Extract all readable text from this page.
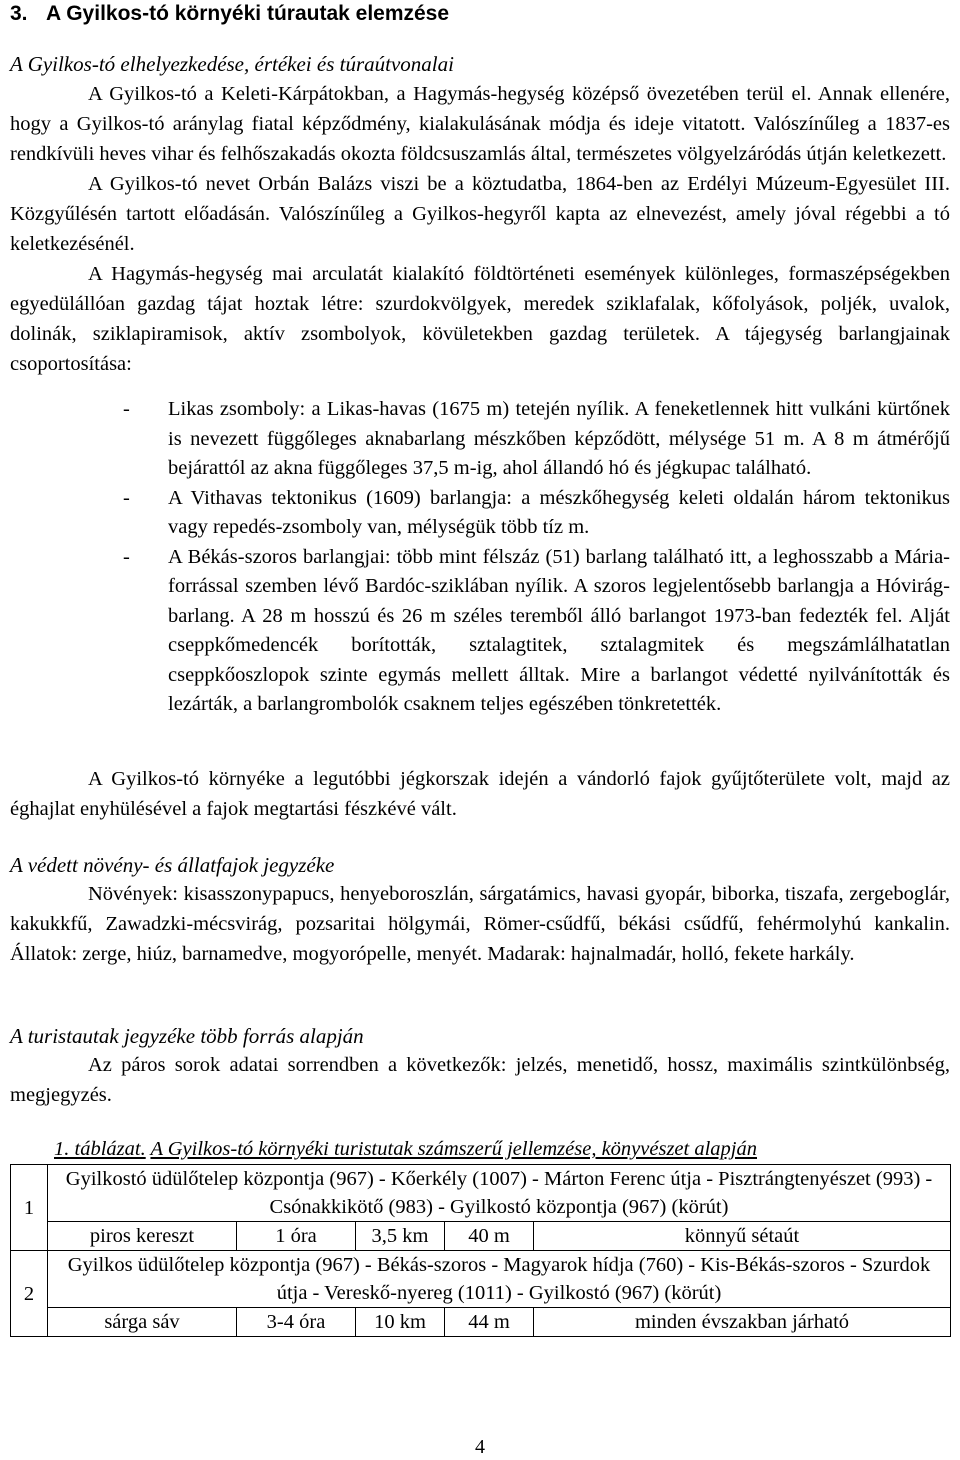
3. A Gyilkos-tó környéki túrautak elemzése
A Gyilkos-tó elhelyezkedése, értékei és túraútvonalai

A Gyilkos-tó a Keleti-Kárpátokban, a Hagymás-hegység középső övezetében terül el. Annak ellenére, hogy a Gyilkos-tó aránylag fiatal képződmény, kialakulásának módja és ideje vitatott. Valószínűleg a 1837-es rendkívüli heves vihar és felhőszakadás okozta földcsuszamlás által, természetes völgyelzáródás útján keletkezett.

A Gyilkos-tó nevet Orbán Balázs viszi be a köztudatba, 1864-ben az Erdélyi Múzeum-Egyesület III. Közgyűlésén tartott előadásán. Valószínűleg a Gyilkos-hegyről kapta az elnevezést, amely jóval régebbi a tó keletkezésénél.

A Hagymás-hegység mai arculatát kialakító földtörténeti események különleges, formaszépségekben egyedülállóan gazdag tájat hoztak létre: szurdokvölgyek, meredek sziklafalak, kőfolyások, poljék, uvalok, dolinák, sziklapiramisok, aktív zsombolyok, kövületekben gazdag területek. A tájegység barlangjainak csoportosítása:

- Likas zsomboly: a Likas-havas (1675 m) tetején nyílik. A feneketlennek hitt vulkáni kürtőnek is nevezett függőleges aknabarlang mészkőben képződött, mélysége 51 m. A 8 m átmérőjű bejárattól az akna függőleges 37,5 m-ig, ahol állandó hó és jégkupac található.
- A Vithavas tektonikus (1609) barlangja: a mészkőhegység keleti oldalán három tektonikus vagy repedés-zsomboly van, mélységük több tíz m.
- A Békás-szoros barlangjai: több mint félszáz (51) barlang található itt, a leghosszabb a Mária-forrással szemben lévő Bardóc-sziklában nyílik. A szoros legjelentősebb barlangja a Hóvirág-barlang. A 28 m hosszú és 26 m széles teremből álló barlangot 1973-ban fedezték fel. Alját cseppkőmedencék borították, sztalagtitek, sztalagmitek és megszámlálhatatlan cseppkőoszlopok szinte egymás mellett álltak. Mire a barlangot védetté nyilvánították és lezárták, a barlangrombolók csaknem teljes egészében tönkretették.

A Gyilkos-tó környéke a legutóbbi jégkorszak idején a vándorló fajok gyűjtőterülete volt, majd az éghajlat enyhülésével a fajok megtartási fészkévé vált.

A védett növény- és állatfajok jegyzéke

Növények: kisasszonypapucs, henyeboroszlán, sárgatámics, havasi gyopár, biborka, tiszafa, zergeboglár, kakukkfű, Zawadzki-mécsvirág, pozsaritai hölgymái, Römer-csűdfű, békási csűdfű, fehérmolyhú kankalin. Állatok: zerge, hiúz, barnamedve, mogyorópelle, menyét. Madarak: hajnalmadár, holló, fekete harkály.

A turistautak jegyzéke több forrás alapján

Az páros sorok adatai sorrendben a következők: jelzés, menetidő, hossz, maximális szintkülönbség, megjegyzés.

1. táblázat. A Gyilkos-tó környéki turistutak számszerű jellemzése, könyvészet alapján
1	Gyilkostó üdülőtelep központja (967) - Kőerkély (1007) - Márton Ferenc útja - Pisztrángtenyészet (993) - Csónakkikötő (983) - Gyilkostó központja (967) (körút)				
	piros kereszt	1 óra	3,5 km	40 m	könnyű sétaút
2	Gyilkos üdülőtelep központja (967) - Békás-szoros - Magyarok hídja (760) - Kis-Békás-szoros - Szurdok útja - Vereskő-nyereg (1011) - Gyilkostó (967) (körút)				
	sárga sáv	3-4 óra	10 km	44 m	minden évszakban járható
4
